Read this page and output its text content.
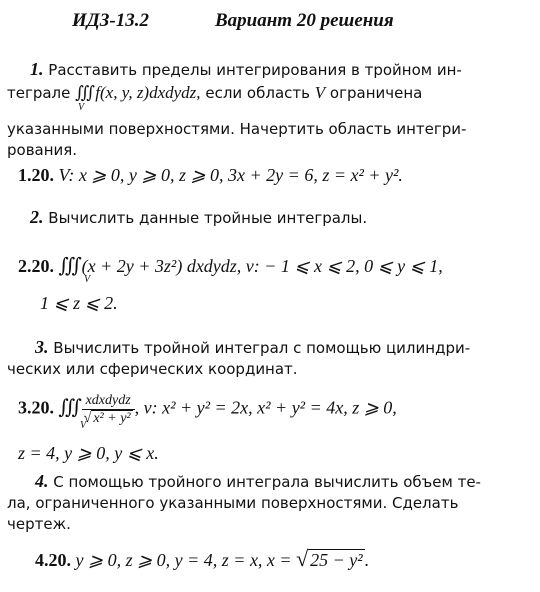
ИДЗ-13.2	Вариант 20 решения
1. Расставить пределы интегрирования в тройном ин-
теграле ∭f(x, y, z)dxdydz, если область V ограничена
V
указанными поверхностями. Начертить область интегри-
рования.
1.20. V: x ⩾ 0, y ⩾ 0, z ⩾ 0, 3x + 2y = 6, z = x² + y².
2. Вычислить данные тройные интегралы.
2.20. ∭ (x + 2y + 3z²) dxdydz, v: − 1 ⩽ x ⩽ 2, 0 ⩽ y ⩽ 1,
V
1 ⩽ z ⩽ 2.
3. Вычислить тройной интеграл с помощью цилиндри-
ческих или сферических координат.
3.20. ∭ $\frac{\text{xdxdydz}}{\text{√ x² + y²}}$ , v: x² + y² = 2x, x² + y² = 4x, z ⩾ 0,
V
z = 4, y ⩾ 0, y ⩽ x.
4. С помощью тройного интеграла вычислить объем те-
ла, ограниченного указанными поверхностями. Сделать
чертеж.
4.20. y ⩾ 0, z ⩾ 0, y = 4, z = x, x = √ 25 − y² .
